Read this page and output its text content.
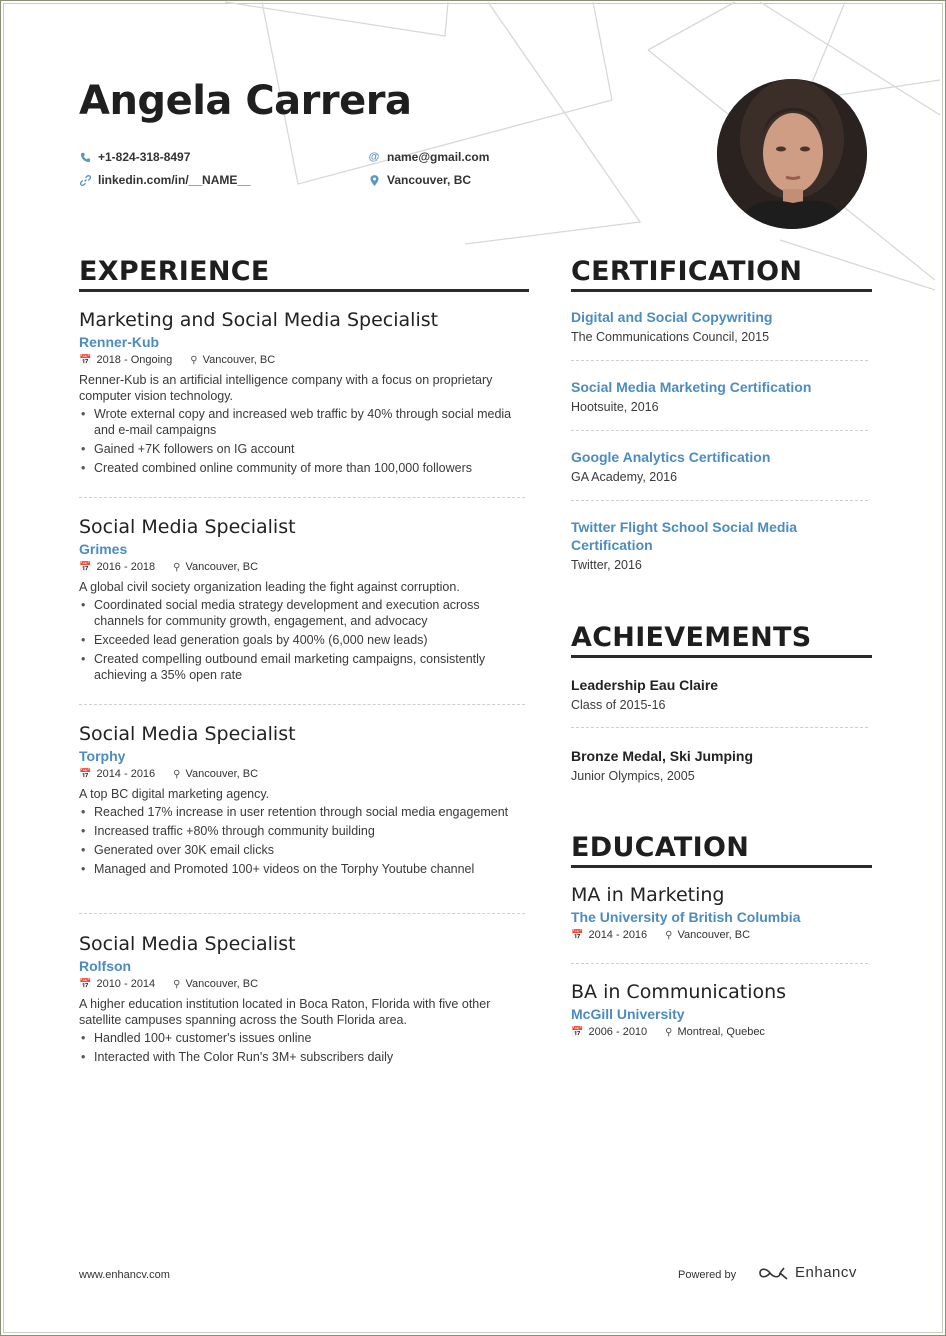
Angela Carrera
+1-824-318-8497	@ name@gmail.com
linkedin.com/in/__NAME__	Vancouver, BC
EXPERIENCE
Marketing and Social Media Specialist
Renner-Kub
📅 2018 - Ongoing ⚲ Vancouver, BC
Renner-Kub is an artificial intelligence company with a focus on proprietary computer vision technology.
• Wrote external copy and increased web traffic by 40% through social media and e-mail campaigns
• Gained +7K followers on IG account
• Created combined online community of more than 100,000 followers
Social Media Specialist
Grimes
📅 2016 - 2018 ⚲ Vancouver, BC
A global civil society organization leading the fight against corruption.
• Coordinated social media strategy development and execution across channels for community growth, engagement, and advocacy
• Exceeded lead generation goals by 400% (6,000 new leads)
• Created compelling outbound email marketing campaigns, consistently achieving a 35% open rate
Social Media Specialist
Torphy
📅 2014 - 2016 ⚲ Vancouver, BC
A top BC digital marketing agency.
• Reached 17% increase in user retention through social media engagement
• Increased traffic +80% through community building
• Generated over 30K email clicks
• Managed and Promoted 100+ videos on the Torphy Youtube channel
Social Media Specialist
Rolfson
📅 2010 - 2014 ⚲ Vancouver, BC
A higher education institution located in Boca Raton, Florida with five other satellite campuses spanning across the South Florida area.
• Handled 100+ customer's issues online
• Interacted with The Color Run's 3M+ subscribers daily
CERTIFICATION
Digital and Social Copywriting
The Communications Council, 2015
Social Media Marketing Certification
Hootsuite, 2016
Google Analytics Certification
GA Academy, 2016
Twitter Flight School Social Media Certification
Twitter, 2016
ACHIEVEMENTS
Leadership Eau Claire
Class of 2015-16
Bronze Medal, Ski Jumping
Junior Olympics, 2005
EDUCATION
MA in Marketing
The University of British Columbia
📅 2014 - 2016 ⚲ Vancouver, BC
BA in Communications
McGill University
📅 2006 - 2010 ⚲ Montreal, Quebec
www.enhancv.com	Powered by	Enhancv
